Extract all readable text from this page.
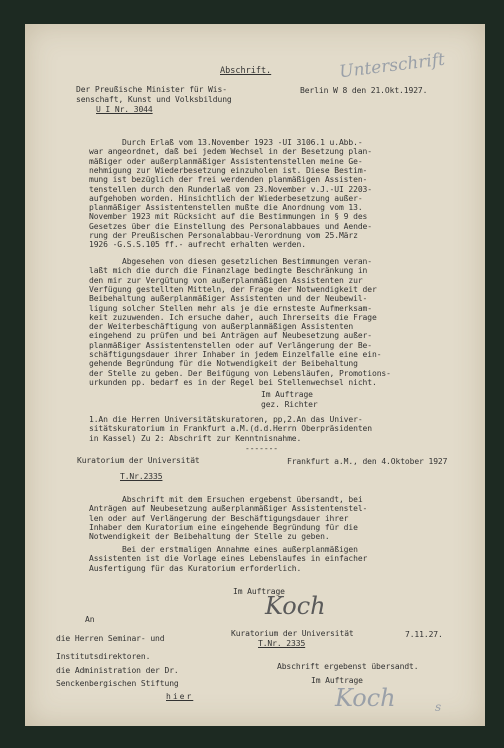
Abschrift.	Unterschrift
Der Preußische Minister für Wis-
senschaft, Kunst und Volksbildung
U I Nr. 3044
Berlin W 8 den 21.Okt.1927.
Durch Erlaß vom 13.November 1923 -UI 3106.1 u.Abb.-
war angeordnet, daß bei jedem Wechsel in der Besetzung plan-
mäßiger oder außerplanmäßiger Assistentenstellen meine Ge-
nehmigung zur Wiederbesetzung einzuholen ist. Diese Bestim-
mung ist bezüglich der frei werdenden planmäßigen Assisten-
tenstellen durch den Runderlaß vom 23.November v.J.-UI 2203-
aufgehoben worden. Hinsichtlich der Wiederbesetzung außer-
planmäßiger Assistentenstellen mußte die Anordnung vom 13.
November 1923 mit Rücksicht auf die Bestimmungen in § 9 des
Gesetzes über die Einstellung des Personalabbaues und Aende-
rung der Preußischen Personalabbau-Verordnung vom 25.März
1926 -G.S.S.105 ff.- aufrecht erhalten werden.
Abgesehen von diesen gesetzlichen Bestimmungen veran-
laßt mich die durch die Finanzlage bedingte Beschränkung in
den mir zur Vergütung von außerplanmäßigen Assistenten zur
Verfügung gestellten Mitteln, der Frage der Notwendigkeit der
Beibehaltung außerplanmäßiger Assistenten und der Neubewil-
ligung solcher Stellen mehr als je die ernsteste Aufmerksam-
keit zuzuwenden. Ich ersuche daher, auch Ihrerseits die Frage
der Weiterbeschäftigung von außerplanmäßigen Assistenten
eingehend zu prüfen und bei Anträgen auf Neubesetzung außer-
planmäßiger Assistentenstellen oder auf Verlängerung der Be-
schäftigungsdauer ihrer Inhaber in jedem Einzelfalle eine ein-
gehende Begründung für die Notwendigkeit der Beibehaltung
der Stelle zu geben. Der Beifügung von Lebensläufen, Promotions-
urkunden pp. bedarf es in der Regel bei Stellenwechsel nicht.
Im Auftrage
gez. Richter
1.An die Herren Universitätskuratoren, pp,2.An das Univer-
sitätskuratorium in Frankfurt a.M.(d.d.Herrn Oberpräsidenten
in Kassel) Zu 2: Abschrift zur Kenntnisnahme.
-------
Kuratorium der Universität	Frankfurt a.M., den 4.Oktober 1927
T.Nr.2335
Abschrift mit dem Ersuchen ergebenst übersandt, bei
Anträgen auf Neubesetzung außerplanmäßiger Assistentenstel-
len oder auf Verlängerung der Beschäftigungsdauer ihrer
Inhaber dem Kuratorium eine eingehende Begründung für die
Notwendigkeit der Beibehaltung der Stelle zu geben.
Bei der erstmaligen Annahme eines außerplanmäßigen
Assistenten ist die Vorlage eines Lebenslaufes in einfacher
Ausfertigung für das Kuratorium erforderlich.
Im Auftrage
Koch
An
die Herren Seminar- und
Institutsdirektoren.
die Administration der Dr.
Senckenbergischen Stiftung
hier
Kuratorium der Universität	7.11.27.
T.Nr. 2335
Abschrift ergebenst übersandt.
Im Auftrage
Koch	s
